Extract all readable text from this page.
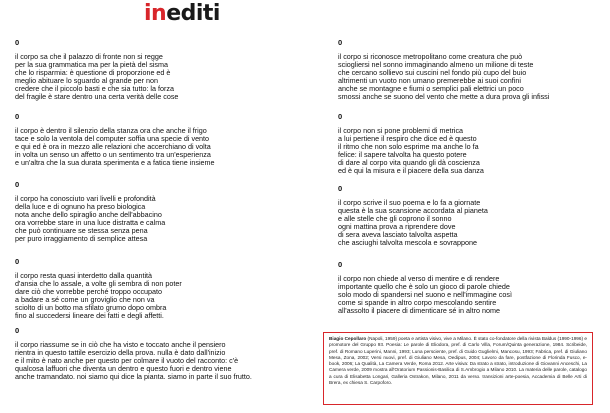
inediti
0
il corpo sa che il palazzo di fronte non si regge
per la sua grammatica ma per la pietà del sisma
che lo risparmia: è questione di proporzione ed è
meglio abituare lo sguardo al grande per non
credere che il piccolo basti e che sia tutto: la forza
del fragile è stare dentro una certa verità delle cose
0
il corpo è dentro il silenzio della stanza ora che anche il frigo
tace e solo la ventola del computer soffia una specie di vento
e qui ed è ora in mezzo alle relazioni che accerchiano di volta
in volta un senso un affetto o un sentimento tra un'esperienza
e un'altra che la sua durata sperimenta e a fatica tiene insieme
0
il corpo ha conosciuto vari livelli e profondità
della luce e di ognuno ha preso biologica
nota anche dello spiraglio anche dell'abbacino
ora vorrebbe stare in una luce distratta e calma
che può continuare se stessa senza pena
per puro irraggiamento di semplice attesa
0
il corpo resta quasi interdetto dalla quantità
d'ansia che lo assale, a volte gli sembra di non poter
dare ciò che vorrebbe perché troppo occupato
a badare a sé come un groviglio che non va
sciolto di un botto ma sfilato grumo dopo ombra
fino al succedersi lineare dei fatti e degli affetti.
0
il corpo riassume se in ciò che ha visto e toccato anche il pensiero
rientra in questo tattile esercizio della prova. nulla è dato dall'inizio
e il mito è nato anche per questo per colmare il vuoto del racconto: c'è
qualcosa laffuori che diventa un dentro e questo fuori e dentro viene
anche tramandato. noi siamo qui dice la pianta. siamo in parte il suo frutto.
0
il corpo si riconosce metropolitano come creatura che può
sciogliersi nel sonno immaginando almeno un milione di teste
che cercano sollievo sui cuscini nel fondo più cupo del buio
altrimenti un vuoto non umano premerebbe ai suoi confini
anche se montagne e fiumi o semplici pali elettrici un poco
smossi anche se suono del vento che mette a dura prova gli infissi
0
il corpo non si pone problemi di metrica
a lui pertiene il respiro che dice ed è questo
il ritmo che non solo esprime ma anche lo fa
felice: il sapere talvolta ha questo potere
di dare al corpo vita quando gli dà coscienza
ed è qui la misura e il piacere della sua danza
0
il corpo scrive il suo poema e lo fa a giornate
questa è la sua scansione accordata al pianeta
e alle stelle che gli coprono il sonno
ogni mattina prova a riprendere dove
di sera aveva lasciato talvolta aspetta
che asciughi talvolta mescola e sovrappone
0
il corpo non chiede al verso di mentire e di rendere
importante quello che è solo un gioco di parole chiede
solo modo di spandersi nel suono e nell'immagine così
come si spande in altro corpo mescolando sentire
all'assolto il piacere di dimenticare sé in altro nome
Biagio Cepollaro (Napoli, 1959) poeta e artista visivo, vive a Milano. È stato co-fondatore della rivista Baldus (1990-1996) e promotore del Gruppo 93. Poesia: Le parole di Eliodora, pref. di Carlo Villa, Forum/Quinta generazione, 1984. Scribeide, pref. di Romano Luperini, Manni, 1993; Luna persciente, pref. di Guido Guglielmi, Mancosu, 1993; Fabrica, pref. di Giuliano Mesa, Zona, 2002; Versi nuovi, pref. di Giuliano Mesa, Oedipus, 2004; Lavoro da fare, postfazione di Florinda Fusco, e-book, 2006; La Qualità, La Camera Verde, Roma 2012. Arte visiva: Da strato a strato, introduzione di Giovanni Anceschi, La Camera verde, 2009 mostra all'Oratorium Passionis-Basilica di S.Ambrogio a Milano 2010. La materia delle parole, catalogo a cura di Elisabetta Longari, Galleria Ostrakon, Milano, 2011 da verso. transizioni arte-poesia, Accademia di Belle Arti di Brera, ex chiesa S. Carpoforo.
